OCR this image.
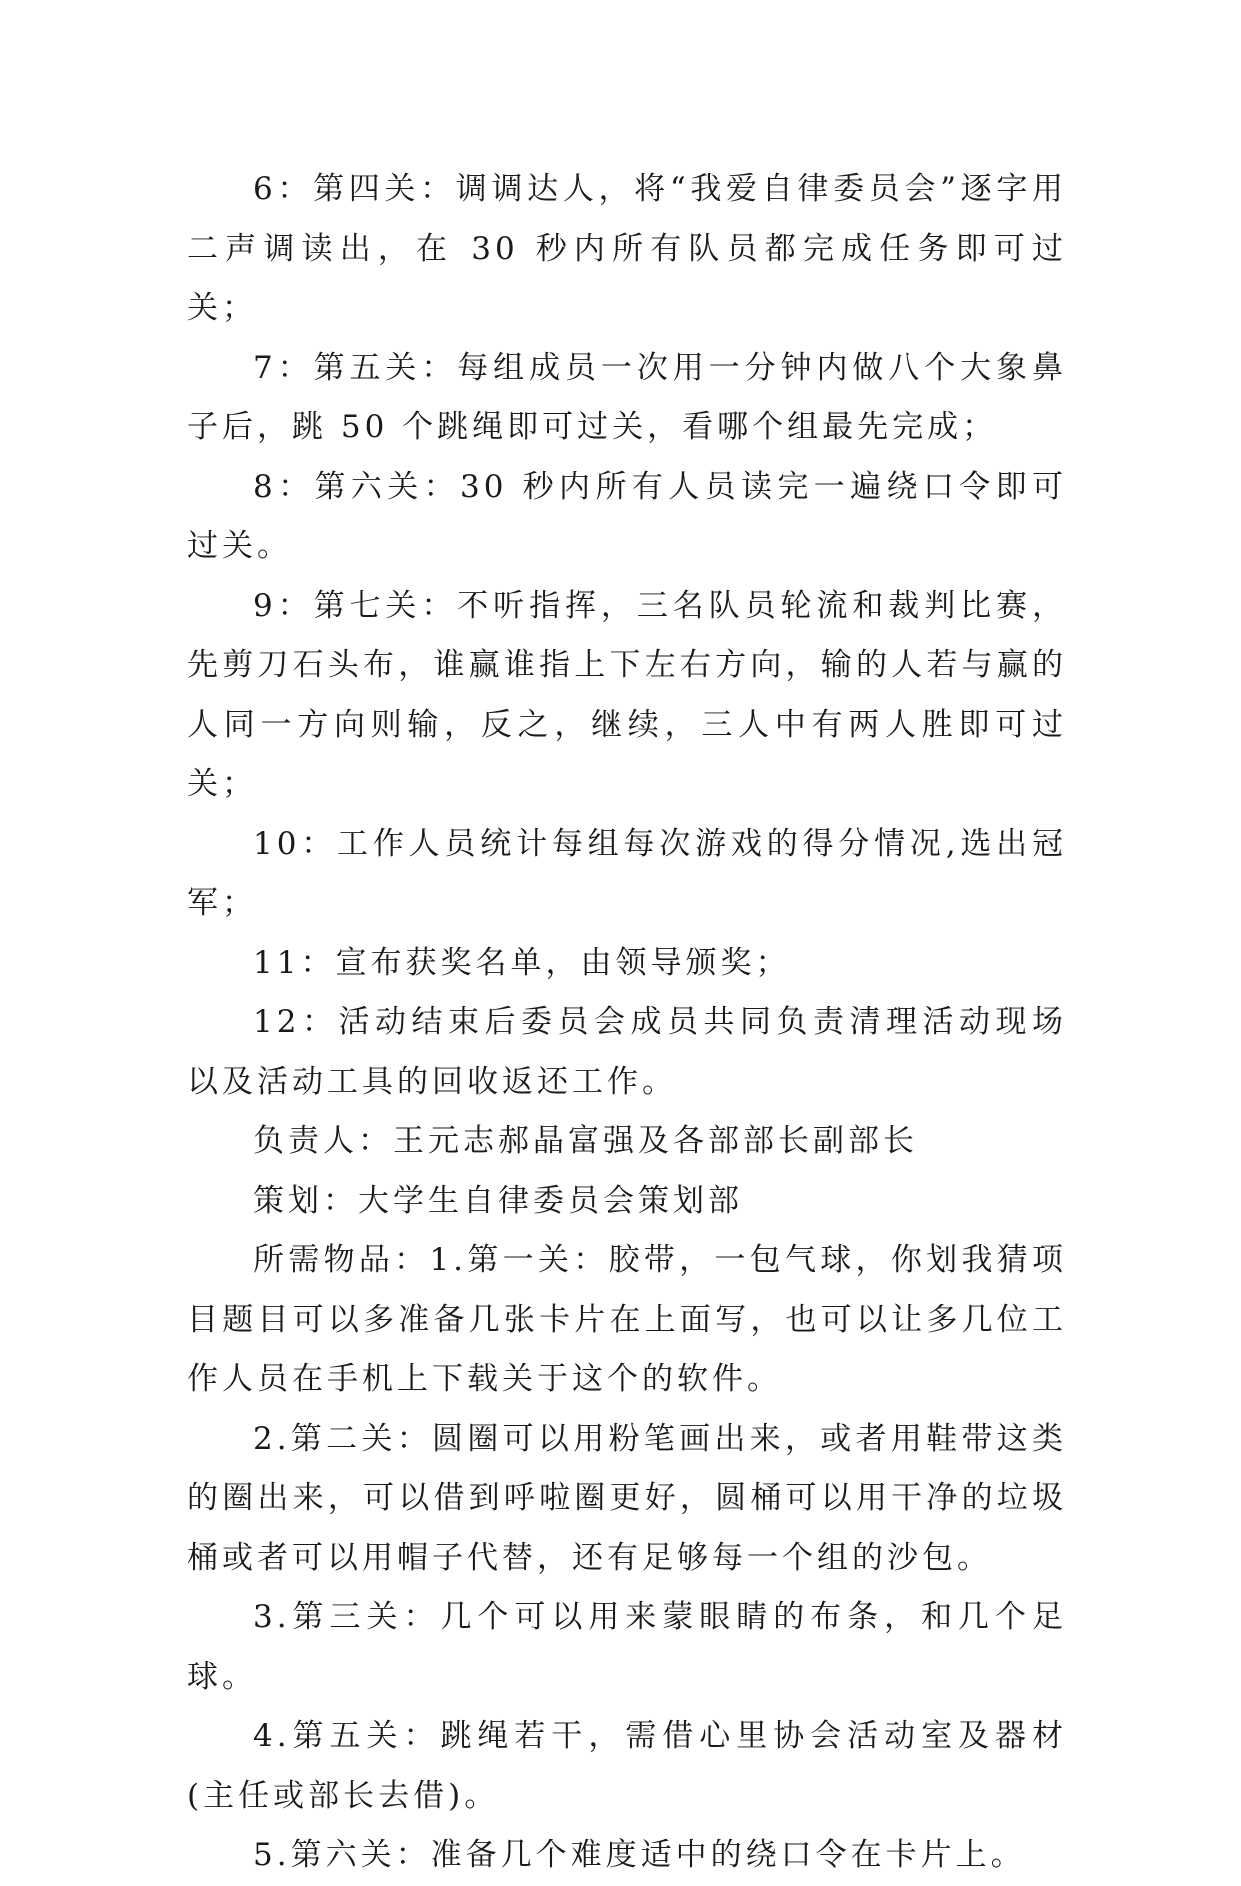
6：第四关：调调达人，将“我爱自律委员会”逐字用二声调读出，在 30 秒内所有队员都完成任务即可过关；

7：第五关：每组成员一次用一分钟内做八个大象鼻子后，跳 50 个跳绳即可过关，看哪个组最先完成；

8：第六关：30 秒内所有人员读完一遍绕口令即可过关。

9：第七关：不听指挥，三名队员轮流和裁判比赛，先剪刀石头布，谁赢谁指上下左右方向，输的人若与赢的人同一方向则输，反之，继续，三人中有两人胜即可过关；

10：工作人员统计每组每次游戏的得分情况,选出冠军；

11：宣布获奖名单，由领导颁奖；

12：活动结束后委员会成员共同负责清理活动现场以及活动工具的回收返还工作。

负责人：王元志郝晶富强及各部部长副部长

策划：大学生自律委员会策划部

所需物品：1.第一关：胶带，一包气球，你划我猜项目题目可以多准备几张卡片在上面写，也可以让多几位工作人员在手机上下载关于这个的软件。

2.第二关：圆圈可以用粉笔画出来，或者用鞋带这类的圈出来，可以借到呼啦圈更好，圆桶可以用干净的垃圾桶或者可以用帽子代替，还有足够每一个组的沙包。

3.第三关：几个可以用来蒙眼睛的布条，和几个足球。

4.第五关：跳绳若干，需借心里协会活动室及器材(主任或部长去借)。

5.第六关：准备几个难度适中的绕口令在卡片上。
